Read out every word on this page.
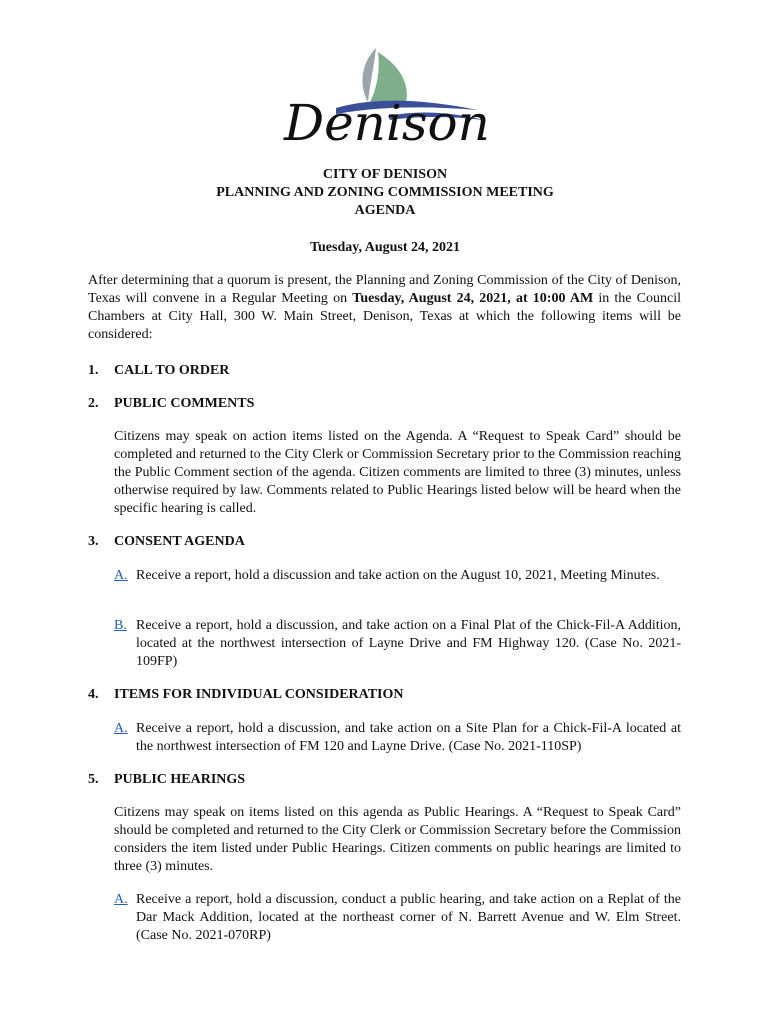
Denison
CITY OF DENISON
PLANNING AND ZONING COMMISSION MEETING
AGENDA
Tuesday, August 24, 2021

After determining that a quorum is present, the Planning and Zoning Commission of the City of Denison, Texas will convene in a Regular Meeting on Tuesday, August 24, 2021, at 10:00 AM in the Council Chambers at City Hall, 300 W. Main Street, Denison, Texas at which the following items will be considered:

1. CALL TO ORDER

2. PUBLIC COMMENTS

Citizens may speak on action items listed on the Agenda. A “Request to Speak Card” should be completed and returned to the City Clerk or Commission Secretary prior to the Commission reaching the Public Comment section of the agenda. Citizen comments are limited to three (3) minutes, unless otherwise required by law. Comments related to Public Hearings listed below will be heard when the specific hearing is called.

3. CONSENT AGENDA

A. Receive a report, hold a discussion and take action on the August 10, 2021, Meeting Minutes.
B. Receive a report, hold a discussion, and take action on a Final Plat of the Chick-Fil-A Addition, located at the northwest intersection of Layne Drive and FM Highway 120. (Case No. 2021-109FP)

4. ITEMS FOR INDIVIDUAL CONSIDERATION

A. Receive a report, hold a discussion, and take action on a Site Plan for a Chick-Fil-A located at the northwest intersection of FM 120 and Layne Drive. (Case No. 2021-110SP)

5. PUBLIC HEARINGS

Citizens may speak on items listed on this agenda as Public Hearings. A “Request to Speak Card” should be completed and returned to the City Clerk or Commission Secretary before the Commission considers the item listed under Public Hearings. Citizen comments on public hearings are limited to three (3) minutes.

A. Receive a report, hold a discussion, conduct a public hearing, and take action on a Replat of the Dar Mack Addition, located at the northeast corner of N. Barrett Avenue and W. Elm Street. (Case No. 2021-070RP)
